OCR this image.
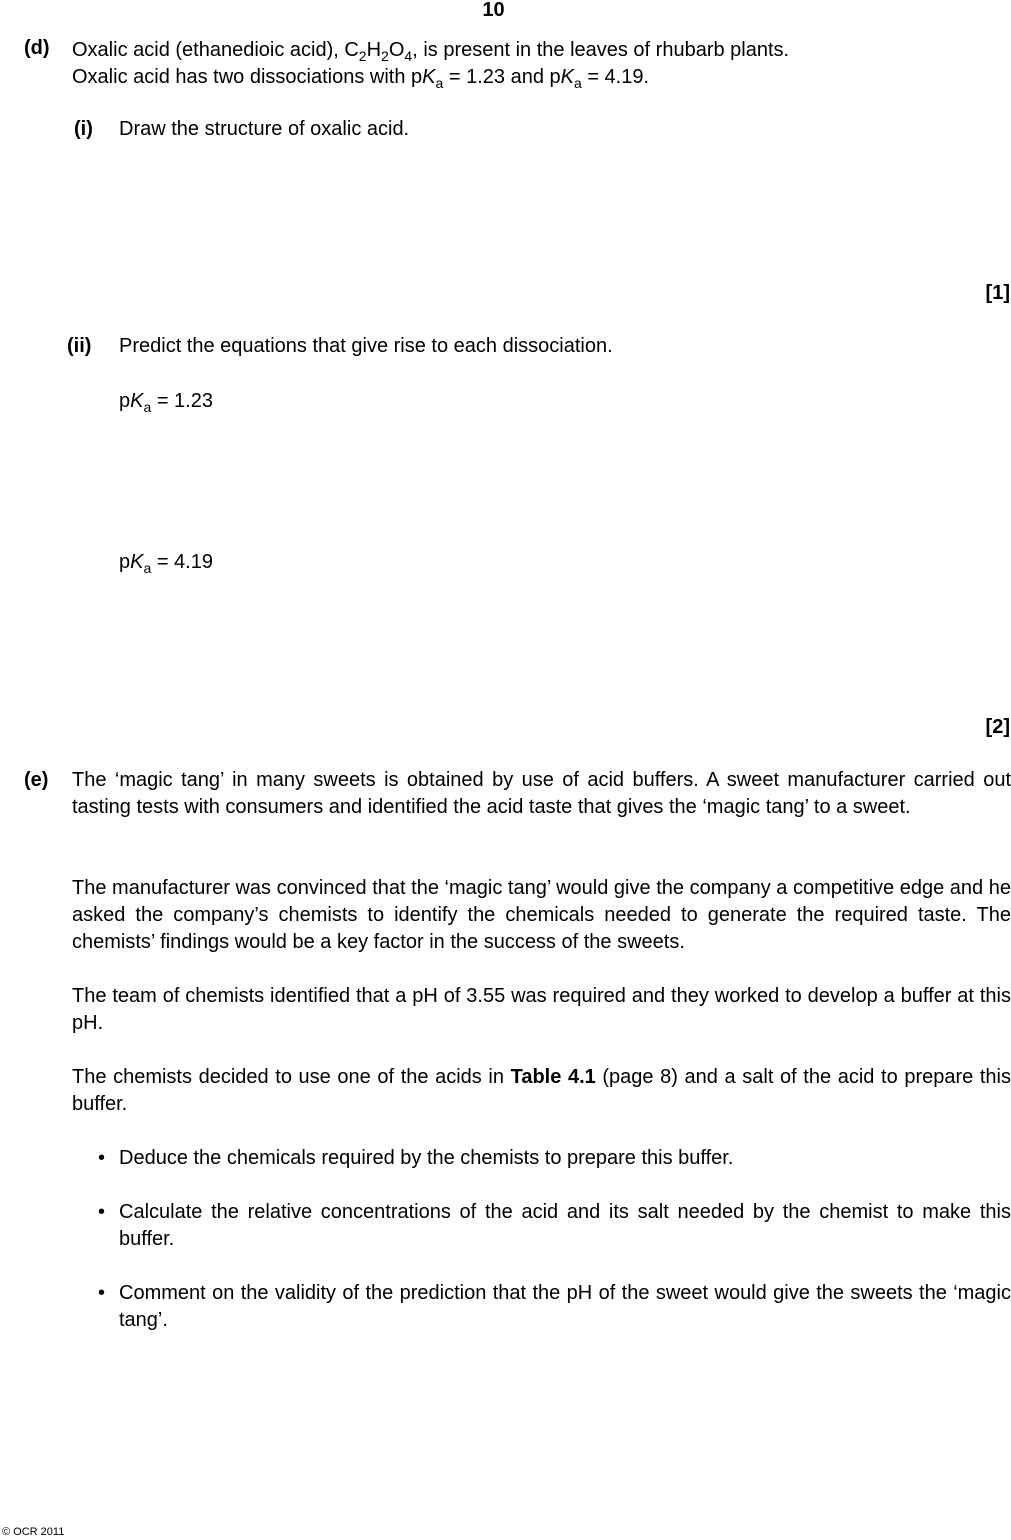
10
(d) Oxalic acid (ethanedioic acid), $C_2H_2O_4$, is present in the leaves of rhubarb plants.
Oxalic acid has two dissociations with $pK_a = 1.23$ and $pK_a = 4.19$.
(i) Draw the structure of oxalic acid.
[1]
(ii) Predict the equations that give rise to each dissociation.
$pK_a = 1.23$
$pK_a = 4.19$
[2]
(e) The ‘magic tang’ in many sweets is obtained by use of acid buffers. A sweet manufacturer carried out tasting tests with consumers and identified the acid taste that gives the ‘magic tang’ to a sweet.
The manufacturer was convinced that the ‘magic tang’ would give the company a competitive edge and he asked the company’s chemists to identify the chemicals needed to generate the required taste. The chemists’ findings would be a key factor in the success of the sweets.
The team of chemists identified that a pH of 3.55 was required and they worked to develop a buffer at this pH.
The chemists decided to use one of the acids in Table 4.1 (page 8) and a salt of the acid to prepare this buffer.
• Deduce the chemicals required by the chemists to prepare this buffer.
• Calculate the relative concentrations of the acid and its salt needed by the chemist to make this buffer.
• Comment on the validity of the prediction that the pH of the sweet would give the sweets the ‘magic tang’.
© OCR 2011
